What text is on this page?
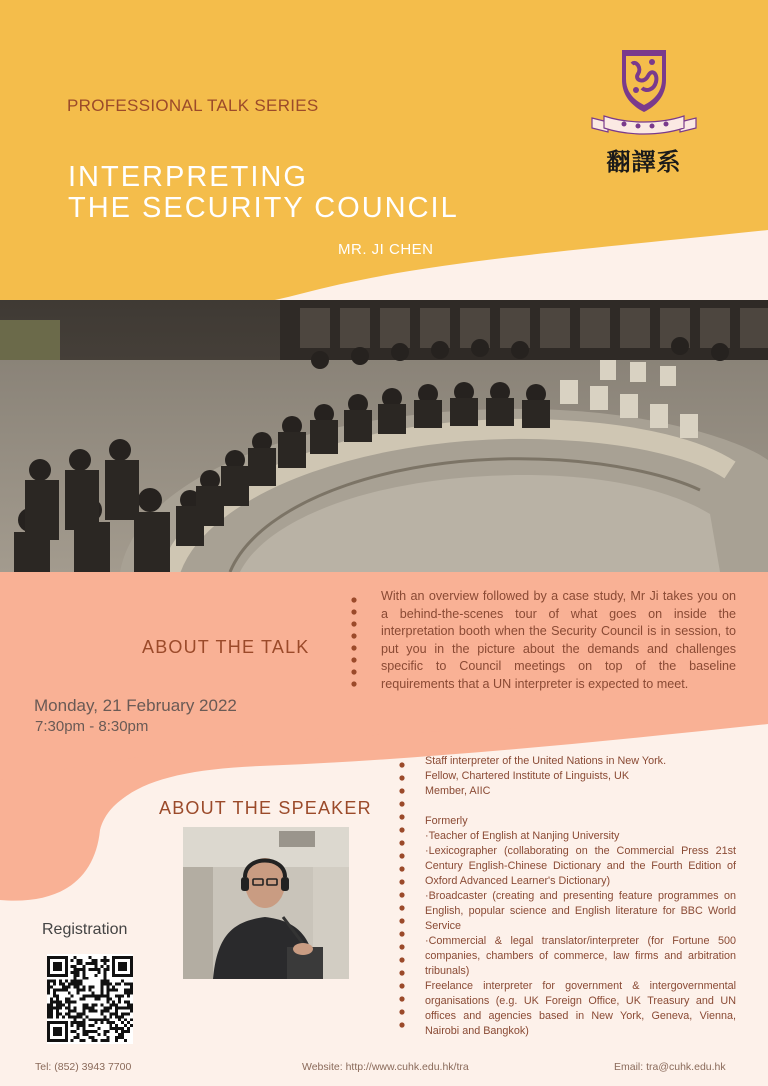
PROFESSIONAL TALK SERIES
INTERPRETING
THE SECURITY COUNCIL
MR. JI CHEN
翻譯系
ABOUT THE TALK
With an overview followed by a case study, Mr Ji takes you on a behind-the-scenes tour of what goes on inside the interpretation booth when the Security Council is in session, to put you in the picture about the demands and challenges specific to Council meetings on top of the baseline requirements that a UN interpreter is expected to meet.
Monday, 21 February 2022
7:30pm - 8:30pm
ABOUT THE SPEAKER

Staff interpreter of the United Nations in New York.

Fellow, Chartered Institute of Linguists, UK

Member, AIIC

Formerly

·Teacher of English at Nanjing University

·Lexicographer (collaborating on the Commercial Press 21st Century English-Chinese Dictionary and the Fourth Edition of Oxford Advanced Learner's Dictionary)

·Broadcaster (creating and presenting feature programmes on English, popular science and English literature for BBC World Service

·Commercial & legal translator/interpreter (for Fortune 500 companies, chambers of commerce, law firms and arbitration tribunals)

Freelance interpreter for government & intergovernmental organisations (e.g. UK Foreign Office, UK Treasury and UN offices and agencies based in New York, Geneva, Vienna, Nairobi and Bangkok)

Registration
Tel: (852) 3943 7700	Website: http://www.cuhk.edu.hk/tra	Email: tra@cuhk.edu.hk
